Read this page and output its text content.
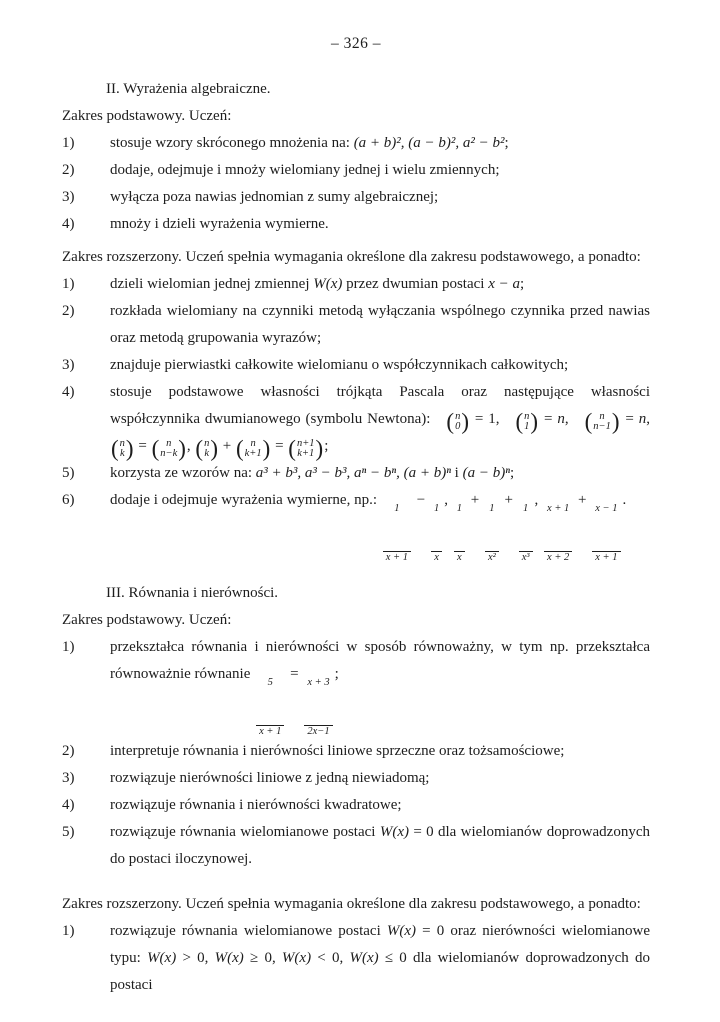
– 326 –
II. Wyrażenia algebraiczne.
Zakres podstawowy. Uczeń:
1)	stosuje wzory skróconego mnożenia na: (a + b)², (a − b)², a² − b²;
2)	dodaje, odejmuje i mnoży wielomiany jednej i wielu zmiennych;
3)	wyłącza poza nawias jednomian z sumy algebraicznej;
4)	mnoży i dzieli wyrażenia wymierne.
Zakres rozszerzony. Uczeń spełnia wymagania określone dla zakresu podstawowego, a ponadto:
1)	dzieli wielomian jednej zmiennej W(x) przez dwumian postaci x − a;
2)	rozkłada wielomiany na czynniki metodą wyłączania wspólnego czynnika przed nawias oraz metodą grupowania wyrazów;
3)	znajduje pierwiastki całkowite wielomianu o współczynnikach całkowitych;
4)	stosuje podstawowe własności trójkąta Pascala oraz następujące własności współczynnika dwumianowego (symbolu Newtona):  ( n
0 ) = 1,  ( n
1 ) = n,  ( n
n−1 ) = n,
( n
k ) = ( n
n−k ) , ( n
k ) + ( n
k+1 ) = ( n+1
k+1 ) ;
5)	korzysta ze wzorów na: a³ + b³, a³ − b³, aⁿ − bⁿ, (a + b)ⁿ i (a − b)ⁿ;
6)	dodaje i odejmuje wyrażenia wymierne, np.:
$\frac{1}{x + 1}$
−
$\frac{1}{x}$
,
$\frac{1}{x}$
+
$\frac{1}{\text{x²}}$
+
$\frac{1}{\text{x³}}$
,
$\frac{x + 1}{x + 2}$
+
$\frac{x - 1}{x + 1}$
.
III. Równania i nierówności.
Zakres podstawowy. Uczeń:
1)	przekształca równania i nierówności w sposób równoważny, w tym np. przekształca równoważnie równanie
$\frac{5}{x + 1}$
=
$\frac{x + 3}{2x-1}$
;
2)	interpretuje równania i nierówności liniowe sprzeczne oraz tożsamościowe;
3)	rozwiązuje nierówności liniowe z jedną niewiadomą;
4)	rozwiązuje równania i nierówności kwadratowe;
5)	rozwiązuje równania wielomianowe postaci W(x) = 0 dla wielomianów doprowadzonych do postaci iloczynowej.
Zakres rozszerzony. Uczeń spełnia wymagania określone dla zakresu podstawowego, a ponadto:
1)	rozwiązuje równania wielomianowe postaci W(x) = 0 oraz nierówności wielomianowe typu: W(x) > 0, W(x) ≥ 0, W(x) < 0, W(x) ≤ 0 dla wielomianów doprowadzonych do postaci
